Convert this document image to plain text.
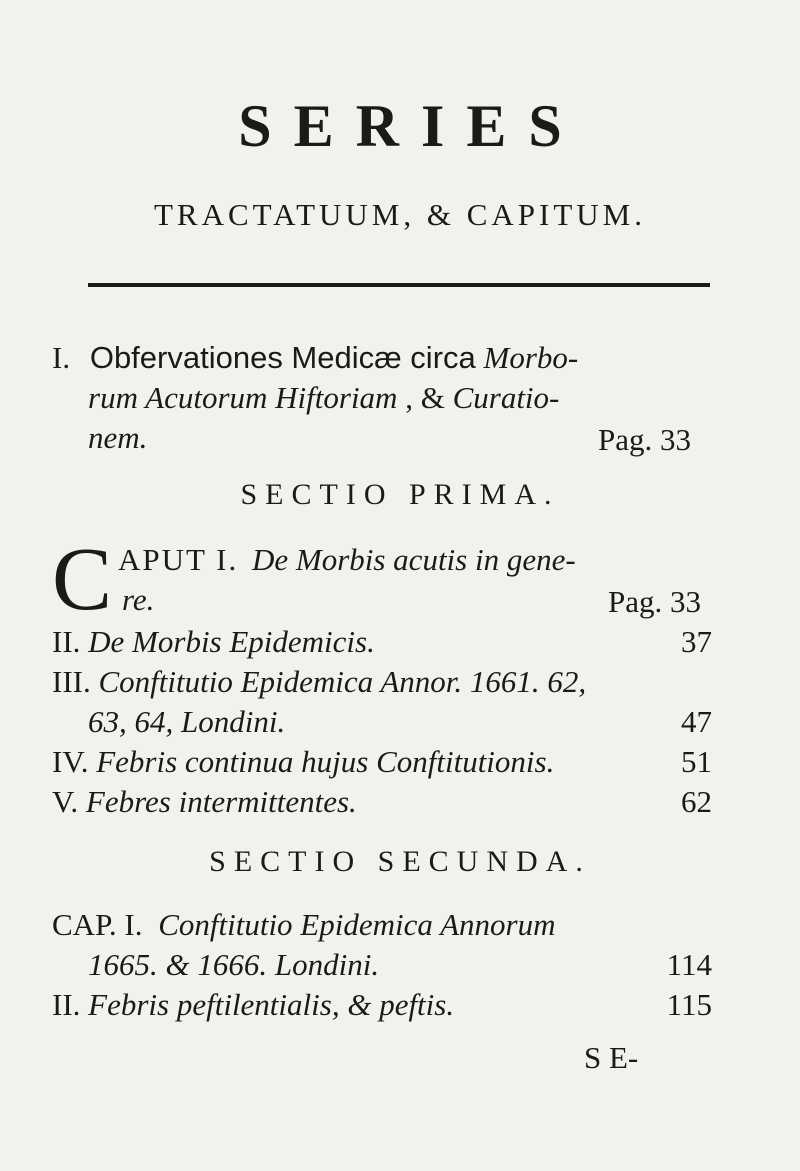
SERIES
TRACTATUUM, & CAPITUM.
I. Obfervationes Medicæ circa Morbo-
rum Acutorum Hiftoriam , & Curatio-
nem.	Pag. 33
SECTIO PRIMA.
C APUT I. De Morbis acutis in gene-
re.	Pag. 33
II. De Morbis Epidemicis.	37
III. Conftitutio Epidemica Annor. 1661. 62,
63, 64, Londini.	47
IV. Febris continua hujus Conftitutionis.	51
V. Febres intermittentes.	62
SECTIO SECUNDA.
CAP. I. Conftitutio Epidemica Annorum
1665. & 1666. Londini.	114
II. Febris peftilentialis, & peftis.	115
S E-
